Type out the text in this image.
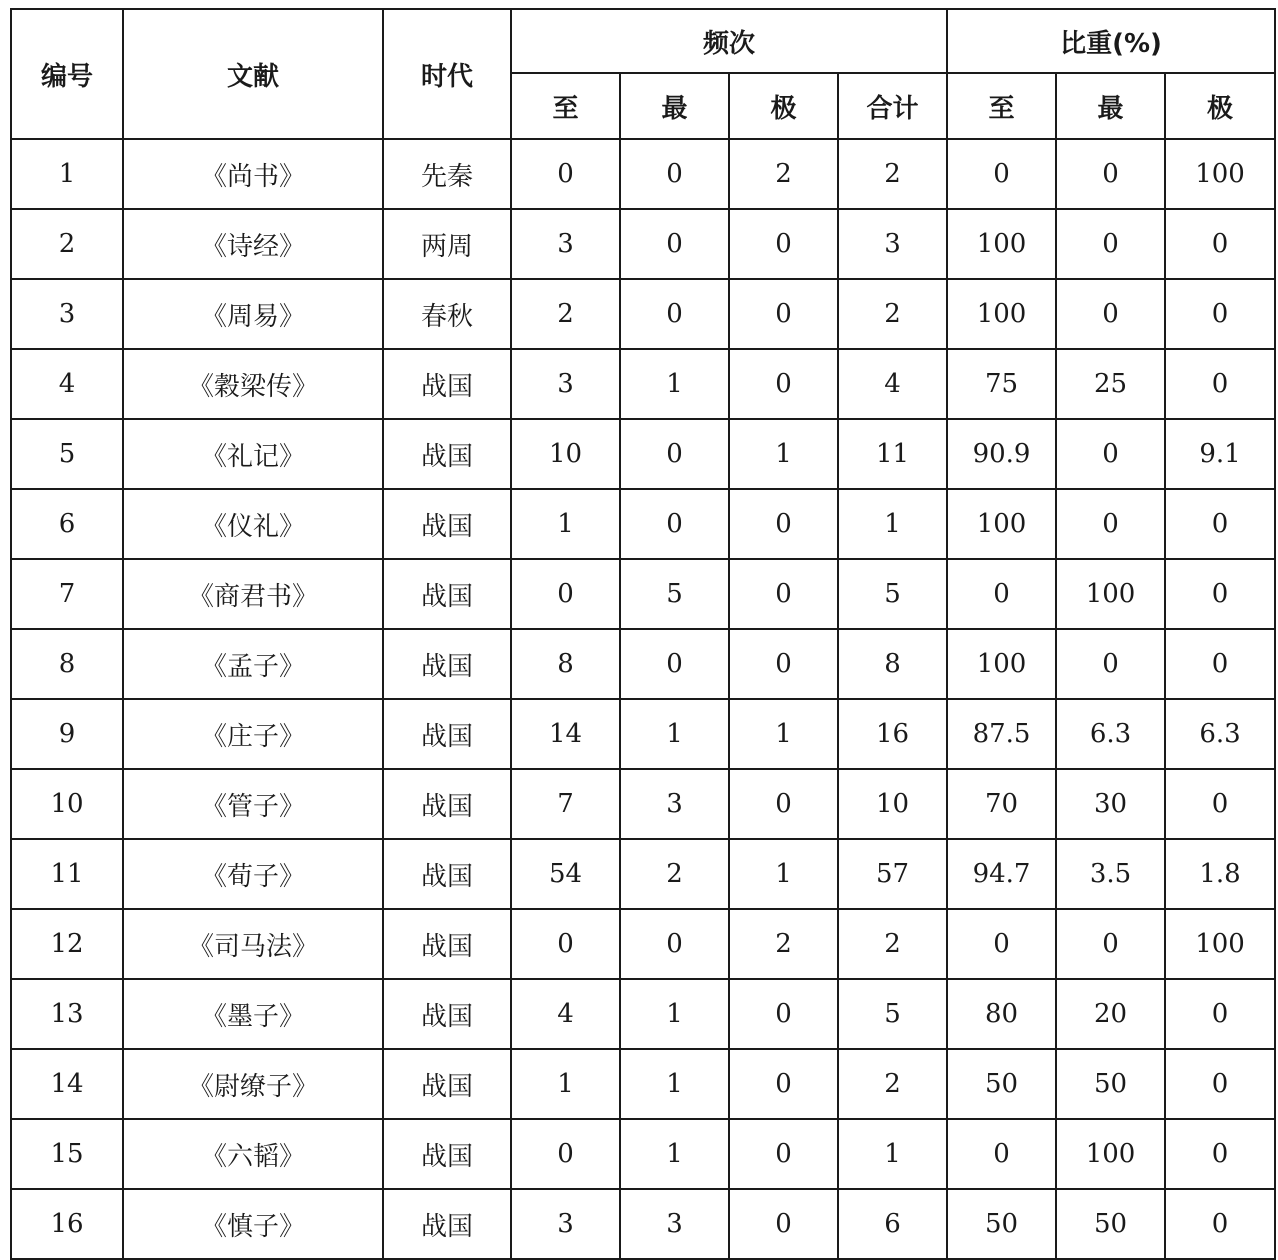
编号	文献	时代	频次				比重(%)		
			至	最	极	合计	至	最	极
1	《尚书》	先秦	0	0	2	2	0	0	100
2	《诗经》	两周	3	0	0	3	100	0	0
3	《周易》	春秋	2	0	0	2	100	0	0
4	《穀梁传》	战国	3	1	0	4	75	25	0
5	《礼记》	战国	10	0	1	11	90.9	0	9.1
6	《仪礼》	战国	1	0	0	1	100	0	0
7	《商君书》	战国	0	5	0	5	0	100	0
8	《孟子》	战国	8	0	0	8	100	0	0
9	《庄子》	战国	14	1	1	16	87.5	6.3	6.3
10	《管子》	战国	7	3	0	10	70	30	0
11	《荀子》	战国	54	2	1	57	94.7	3.5	1.8
12	《司马法》	战国	0	0	2	2	0	0	100
13	《墨子》	战国	4	1	0	5	80	20	0
14	《尉缭子》	战国	1	1	0	2	50	50	0
15	《六韬》	战国	0	1	0	1	0	100	0
16	《慎子》	战国	3	3	0	6	50	50	0
